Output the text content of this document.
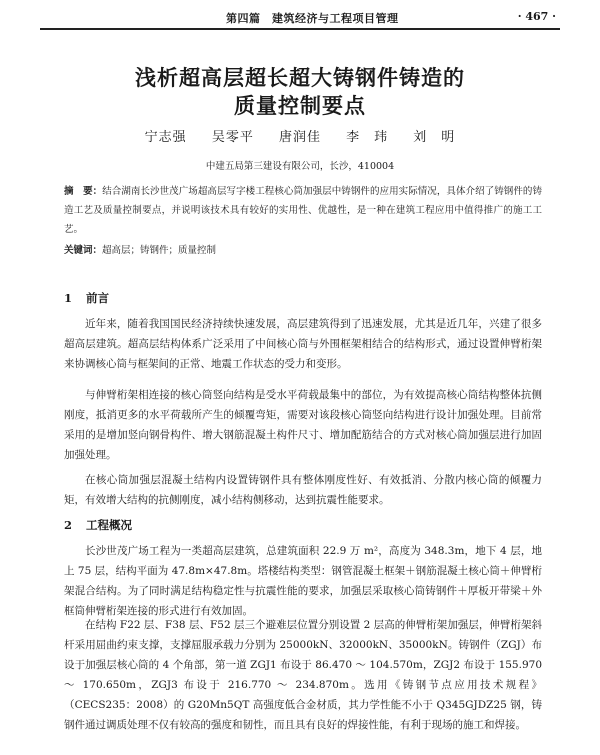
第四篇　建筑经济与工程项目管理	· 467 ·
浅析超高层超长超大铸钢件铸造的
质量控制要点
宁志强 吴零平 唐润佳 李　玮 刘　明
中建五局第三建设有限公司，长沙，410004
摘　要：结合湖南长沙世茂广场超高层写字楼工程核心筒加强层中铸钢件的应用实际情况，具体介绍了铸钢件的铸造工艺及质量控制要点，并说明该技术具有较好的实用性、优越性，是一种在建筑工程应用中值得推广的施工工艺。
关键词：超高层；铸钢件；质量控制
1 前言
近年来，随着我国国民经济持续快速发展，高层建筑得到了迅速发展，尤其是近几年，兴建了很多超高层建筑。超高层结构体系广泛采用了中间核心筒与外围框架相结合的结构形式，通过设置伸臂桁架来协调核心筒与框架间的正常、地震工作状态的受力和变形。
与伸臂桁架相连接的核心筒竖向结构是受水平荷载最集中的部位，为有效提高核心筒结构整体抗侧刚度，抵消更多的水平荷载所产生的倾覆弯矩，需要对该段核心筒竖向结构进行设计加强处理。目前常采用的是增加竖向钢骨构件、增大钢筋混凝土构件尺寸、增加配筋结合的方式对核心筒加强层进行加固加强处理。
在核心筒加强层混凝土结构内设置铸钢件具有整体刚度性好、有效抵消、分散内核心筒的倾覆力矩，有效增大结构的抗侧刚度，减小结构侧移动，达到抗震性能要求。
2 工程概况
长沙世茂广场工程为一类超高层建筑，总建筑面积 22.9 万 m²，高度为 348.3m，地下 4 层，地上 75 层，结构平面为 47.8m×47.8m。塔楼结构类型：钢管混凝土框架＋钢筋混凝土核心筒＋伸臂桁架混合结构。为了同时满足结构稳定性与抗震性能的要求，加强层采取核心筒铸钢件＋厚板开带梁＋外框筒伸臂桁架连接的形式进行有效加固。
在结构 F22 层、F38 层、F52 层三个避难层位置分别设置 2 层高的伸臂桁架加强层，伸臂桁架斜杆采用屈曲约束支撑，支撑屈服承载力分别为 25000kN、32000kN、35000kN。铸钢件（ZGJ）布设于加强层核心筒的 4 个角部，第一道 ZGJ1 布设于 86.470 ～ 104.570m，ZGJ2 布设于 155.970 ～ 170.650m，ZGJ3 布设于 216.770 ～ 234.870m。选用《铸钢节点应用技术规程》（CECS235：2008）的 G20Mn5QT 高强度低合金材质，其力学性能不小于 Q345GJDZ25 钢，铸钢件通过调质处理不仅有较高的强度和韧性，而且具有良好的焊接性能，有利于现场的施工和焊接。
